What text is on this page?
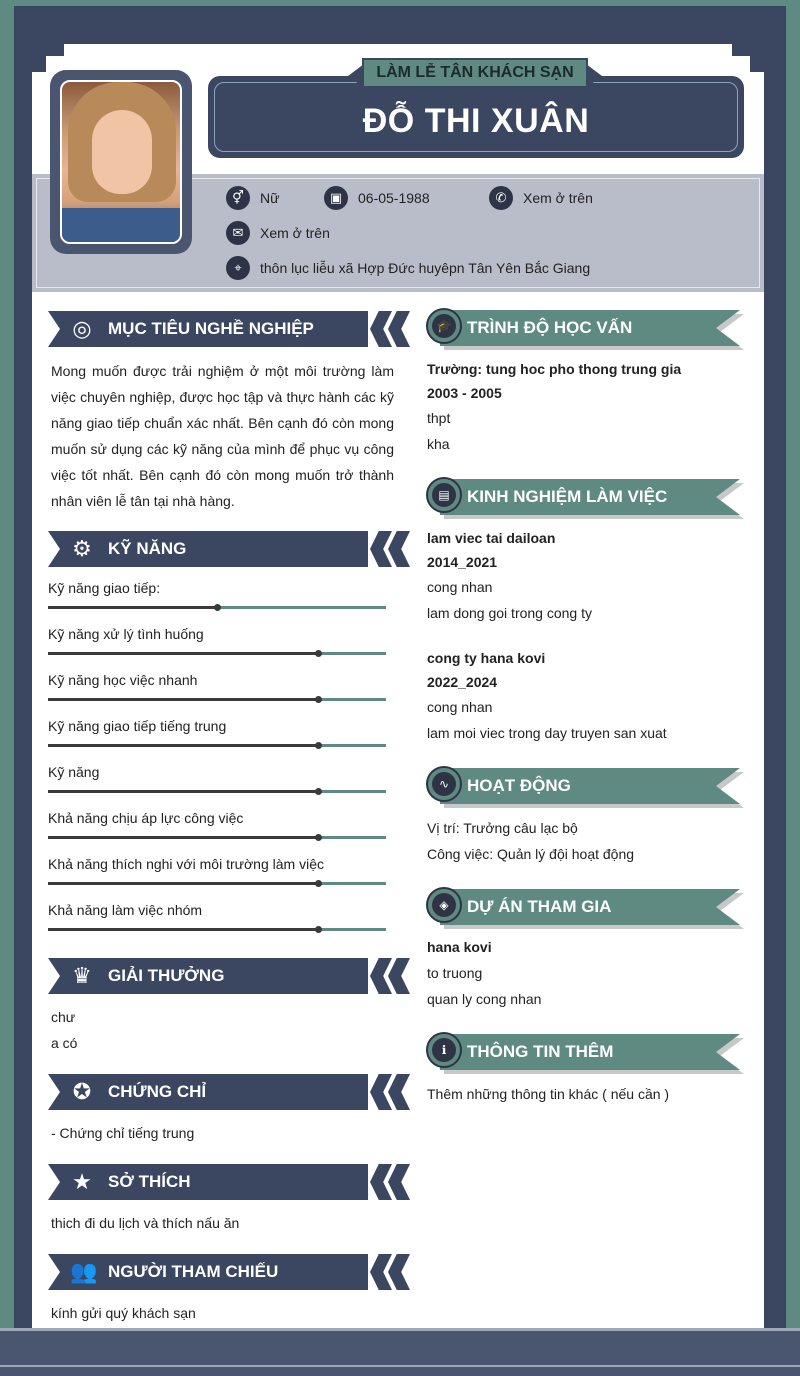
ĐỖ THI XUÂN
LÀM LỄ TÂN KHÁCH SẠN
⚥	Nữ	▣	06-05-1988	✆	Xem ở trên
✉	Xem ở trên
⌖	thôn lục liễu xã Hợp Đức huyêpn Tân Yên Bắc Giang
◎ MỤC TIÊU NGHỀ NGHIỆP
Mong muốn được trải nghiệm ở một môi trường làm việc chuyên nghiệp, được học tập và thực hành các kỹ năng giao tiếp chuẩn xác nhất. Bên cạnh đó còn mong muốn sử dụng các kỹ năng của mình để phục vụ công việc tốt nhất. Bên cạnh đó còn mong muốn trở thành nhân viên lễ tân tại nhà hàng.
⚙ KỸ NĂNG
Kỹ năng giao tiếp:
Kỹ năng xử lý tình huống
Kỹ năng học việc nhanh
Kỹ năng giao tiếp tiếng trung
Kỹ năng
Khả năng chịu áp lực công việc
Khả năng thích nghi với môi trường làm việc
Khả năng làm việc nhóm
♛ GIẢI THƯỞNG
chư
a có
✪ CHỨNG CHỈ
- Chứng chỉ tiếng trung
★ SỞ THÍCH
thich đi du lịch và thích nấu ăn
👥 NGƯỜI THAM CHIẾU
kính gửi quý khách sạn
🎓 TRÌNH ĐỘ HỌC VẤN
Trường: tung hoc pho thong trung gia
2003 - 2005
thpt
kha
▤	KINH NGHIỆM LÀM VIỆC
lam viec tai dailoan
2014_2021
cong nhan
lam dong goi trong cong ty
cong ty hana kovi
2022_2024
cong nhan
lam moi viec trong day truyen san xuat
∿	HOẠT ĐỘNG
Vị trí: Trưởng câu lạc bộ
Công việc: Quản lý đội hoạt động
◈	DỰ ÁN THAM GIA
hana kovi
to truong
quan ly cong nhan
ℹ	THÔNG TIN THÊM
Thêm những thông tin khác ( nếu cần )
